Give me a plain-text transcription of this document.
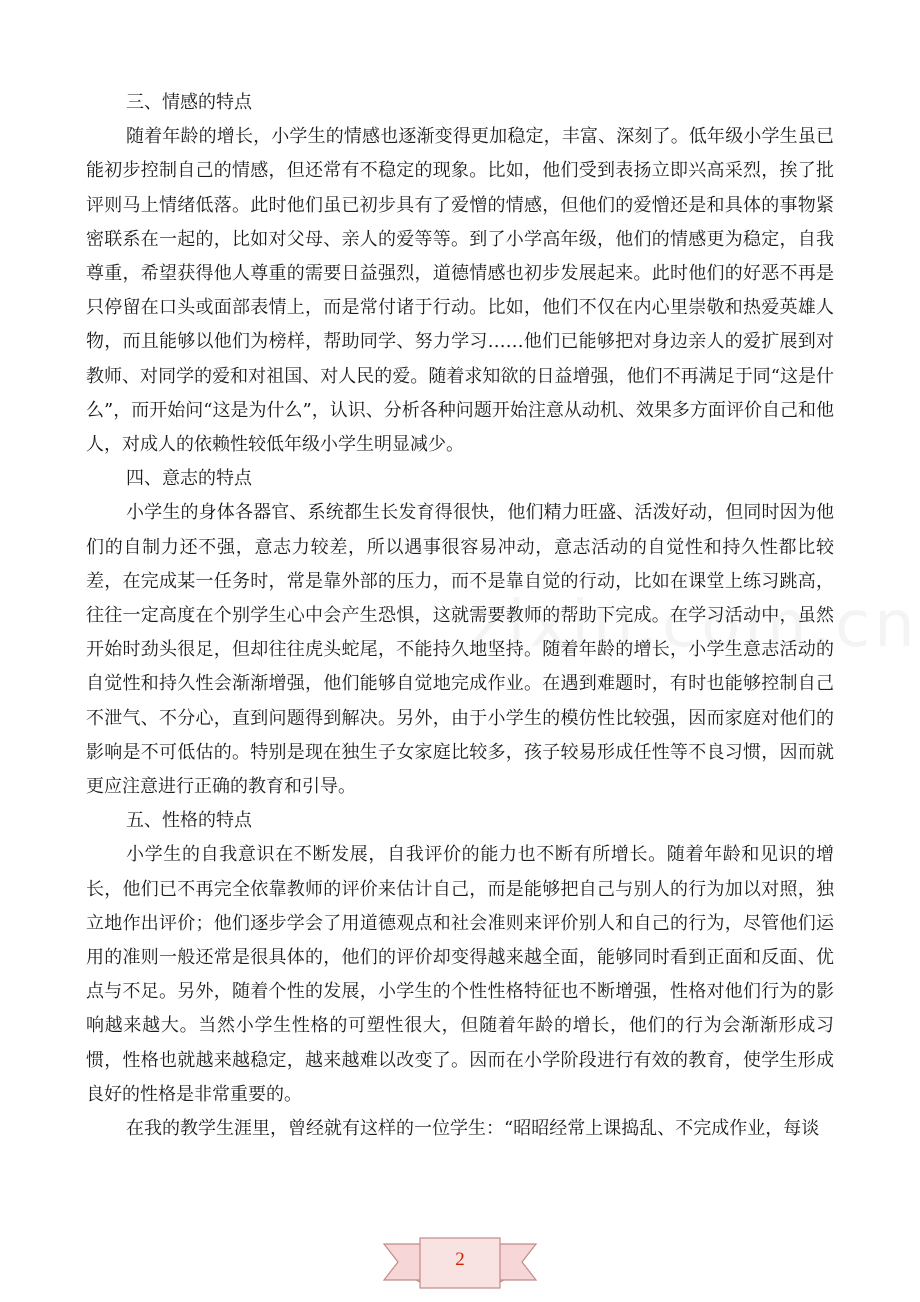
三、情感的特点

随着年龄的增长，小学生的情感也逐渐变得更加稳定，丰富、深刻了。低年级小学生虽已能初步控制自己的情感，但还常有不稳定的现象。比如，他们受到表扬立即兴高采烈，挨了批评则马上情绪低落。此时他们虽已初步具有了爱憎的情感，但他们的爱憎还是和具体的事物紧密联系在一起的，比如对父母、亲人的爱等等。到了小学高年级，他们的情感更为稳定，自我尊重，希望获得他人尊重的需要日益强烈，道德情感也初步发展起来。此时他们的好恶不再是只停留在口头或面部表情上，而是常付诸于行动。比如，他们不仅在内心里崇敬和热爱英雄人物，而且能够以他们为榜样，帮助同学、努力学习……他们已能够把对身边亲人的爱扩展到对教师、对同学的爱和对祖国、对人民的爱。随着求知欲的日益增强，他们不再满足于同“这是什么”，而开始问“这是为什么”，认识、分析各种问题开始注意从动机、效果多方面评价自己和他人，对成人的依赖性较低年级小学生明显减少。

四、意志的特点

小学生的身体各器官、系统都生长发育得很快，他们精力旺盛、活泼好动，但同时因为他们的自制力还不强，意志力较差，所以遇事很容易冲动，意志活动的自觉性和持久性都比较差，在完成某一任务时，常是靠外部的压力，而不是靠自觉的行动，比如在课堂上练习跳高，往往一定高度在个别学生心中会产生恐惧，这就需要教师的帮助下完成。在学习活动中，虽然开始时劲头很足，但却往往虎头蛇尾，不能持久地坚持。随着年龄的增长，小学生意志活动的自觉性和持久性会渐渐增强，他们能够自觉地完成作业。在遇到难题时，有时也能够控制自己不泄气、不分心，直到问题得到解决。另外，由于小学生的模仿性比较强，因而家庭对他们的影响是不可低估的。特别是现在独生子女家庭比较多，孩子较易形成任性等不良习惯，因而就更应注意进行正确的教育和引导。

五、性格的特点

小学生的自我意识在不断发展，自我评价的能力也不断有所增长。随着年龄和见识的增长，他们已不再完全依靠教师的评价来估计自己，而是能够把自己与别人的行为加以对照，独立地作出评价；他们逐步学会了用道德观点和社会准则来评价别人和自己的行为，尽管他们运用的准则一般还常是很具体的，他们的评价却变得越来越全面，能够同时看到正面和反面、优点与不足。另外，随着个性的发展，小学生的个性性格特征也不断增强，性格对他们行为的影响越来越大。当然小学生性格的可塑性很大，但随着年龄的增长，他们的行为会渐渐形成习惯，性格也就越来越稳定，越来越难以改变了。因而在小学阶段进行有效的教育，使学生形成良好的性格是非常重要的。

在我的教学生涯里，曾经就有这样的一位学生：“昭昭经常上课捣乱、不完成作业，每谈

2
